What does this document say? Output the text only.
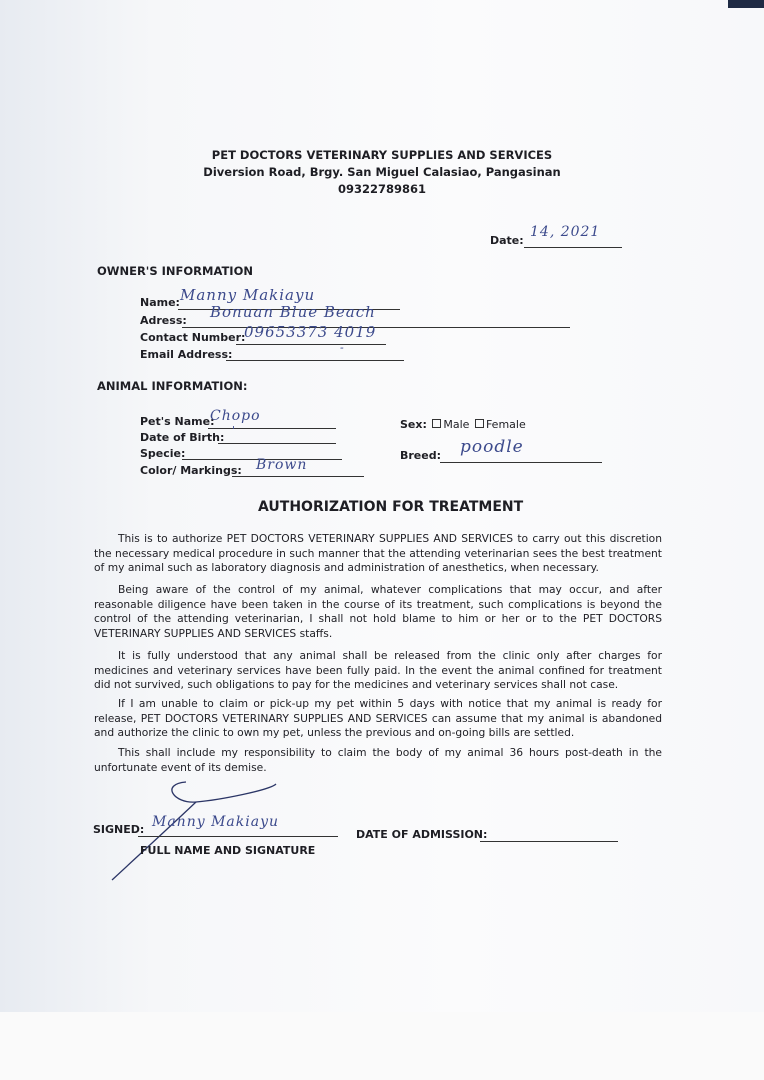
PET DOCTORS VETERINARY SUPPLIES AND SERVICES
Diversion Road, Brgy. San Miguel Calasiao, Pangasinan
09322789861
Date:
14, 2021
OWNER'S INFORMATION
Name: Manny Makiayu
Adress: Bonuan Blue Beach
Contact Number:
09653373 4019
Email Address:
-
ANIMAL INFORMATION:
Pet's Name:
Chopo
Date of Birth:
'
Specie:
Color/ Markings: Brown
Sex: Male Female
Breed: poodle
AUTHORIZATION FOR TREATMENT
This is to authorize PET DOCTORS VETERINARY SUPPLIES AND SERVICES to carry out this discretion the necessary medical procedure in such manner that the attending veterinarian sees the best treatment of my animal such as laboratory diagnosis and administration of anesthetics, when necessary.
Being aware of the control of my animal, whatever complications that may occur, and after reasonable diligence have been taken in the course of its treatment, such complications is beyond the control of the attending veterinarian, I shall not hold blame to him or her or to the PET DOCTORS VETERINARY SUPPLIES AND SERVICES staffs.
It is fully understood that any animal shall be released from the clinic only after charges for medicines and veterinary services have been fully paid. In the event the animal confined for treatment did not survived, such obligations to pay for the medicines and veterinary services shall not case.
If I am unable to claim or pick-up my pet within 5 days with notice that my animal is ready for release, PET DOCTORS VETERINARY SUPPLIES AND SERVICES can assume that my animal is abandoned and authorize the clinic to own my pet, unless the previous and on-going bills are settled.
This shall include my responsibility to claim the body of my animal 36 hours post-death in the unfortunate event of its demise.
SIGNED: Manny Makiayu
FULL NAME AND SIGNATURE
DATE OF ADMISSION:
